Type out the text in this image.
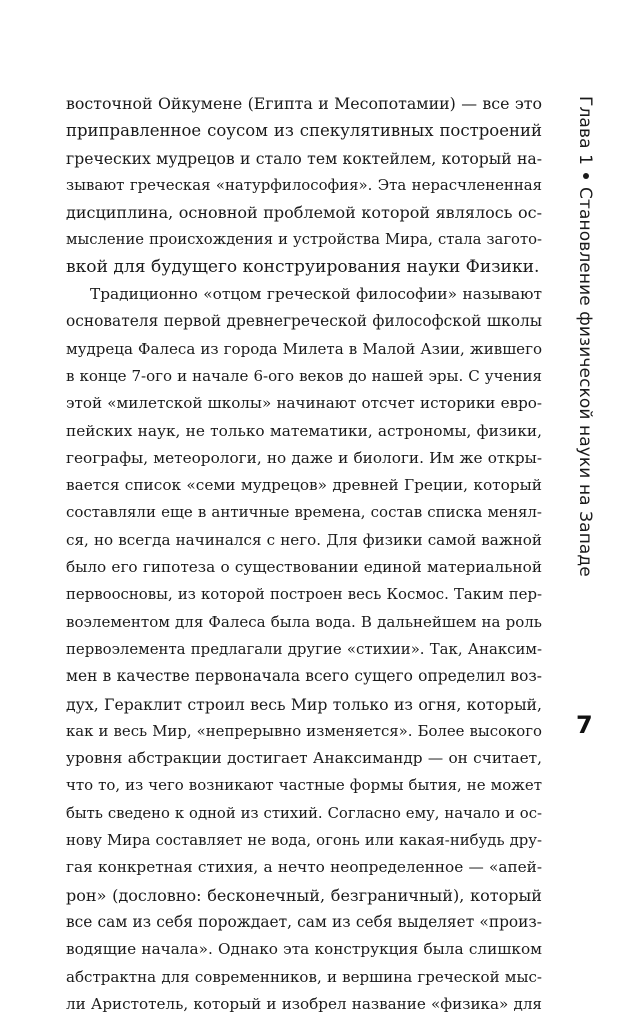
восточной Ойкумене (Египта и Месопотамии) — все это
приправленное соусом из спекулятивных построений
греческих мудрецов и стало тем коктейлем, который на-
зывают греческая «натурфилософия». Эта нерасчлененная
дисциплина, основной проблемой которой являлось ос-
мысление происхождения и устройства Мира, стала загото-
вкой для будущего конструирования науки Физики.
Традиционно «отцом греческой философии» называют
основателя первой древнегреческой философской школы
мудреца Фалеса из города Милета в Малой Азии, жившего
в конце 7-ого и начале 6-ого веков до нашей эры. С учения
этой «милетской школы» начинают отсчет историки евро-
пейских наук, не только математики, астрономы, физики,
географы, метеорологи, но даже и биологи. Им же откры-
вается список «семи мудрецов» древней Греции, который
составляли еще в античные времена, состав списка менял-
ся, но всегда начинался с него. Для физики самой важной
было его гипотеза о существовании единой материальной
первоосновы, из которой построен весь Космос. Таким пер-
воэлементом для Фалеса была вода. В дальнейшем на роль
первоэлемента предлагали другие «стихии». Так, Анаксим-
мен в качестве первоначала всего сущего определил воз-
дух, Гераклит строил весь Мир только из огня, который,
как и весь Мир, «непрерывно изменяется». Более высокого
уровня абстракции достигает Анаксимандр — он считает,
что то, из чего возникают частные формы бытия, не может
быть сведено к одной из стихий. Согласно ему, начало и ос-
нову Мира составляет не вода, огонь или какая-нибудь дру-
гая конкретная стихия, а нечто неопределенное — «апей-
рон» (дословно: бесконечный, безграничный), который
все сам из себя порождает, сам из себя выделяет «произ-
водящие начала». Однако эта конструкция была слишком
абстрактна для современников, и вершина греческой мыс-
ли Аристотель, который и изобрел название «физика» для
Глава 1Становление физической науки на Западе
7
